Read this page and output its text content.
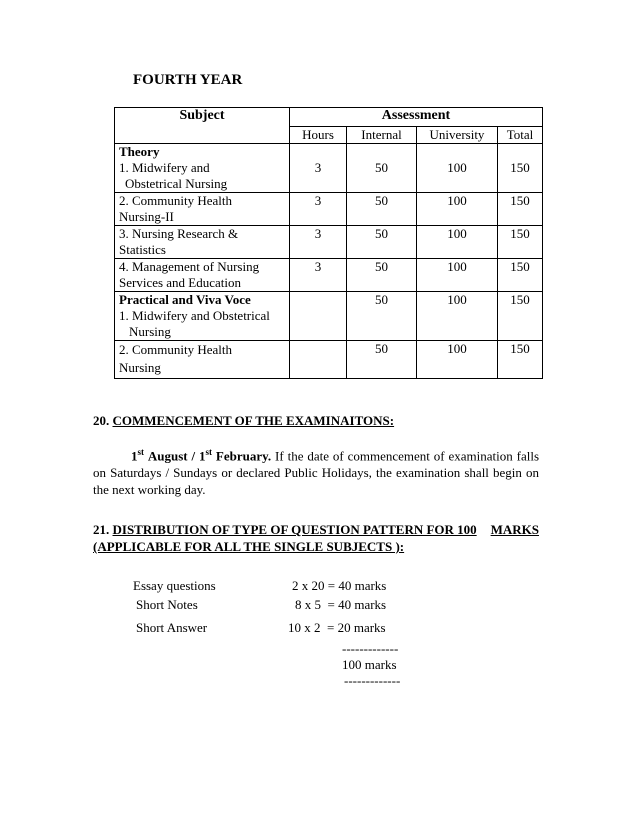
FOURTH YEAR
Subject	Assessment			
	Hours	Internal	University	Total
Theory
1. Midwifery and
Obstetrical Nursing	3	50	100	150
2. Community Health
Nursing-II	3	50	100	150
3. Nursing Research &
Statistics	3	50	100	150
4. Management of Nursing
Services and Education	3	50	100	150
Practical and Viva Voce
1. Midwifery and Obstetrical
Nursing		50	100	150
2. Community Health
Nursing		50	100	150
20. COMMENCEMENT OF THE EXAMINAITONS:
1st August / 1st February. If the date of commencement of examination falls on Saturdays / Sundays or declared Public Holidays, the examination shall begin on the next working day.
21. DISTRIBUTION OF TYPE OF QUESTION PATTERN FOR 100 MARKS
(APPLICABLE FOR ALL THE SINGLE SUBJECTS ):
Essay questions	2 x 20 = 40 marks
Short Notes	8 x 5  = 40 marks
Short Answer	10 x 2  = 20 marks
-------------
100 marks
-------------
